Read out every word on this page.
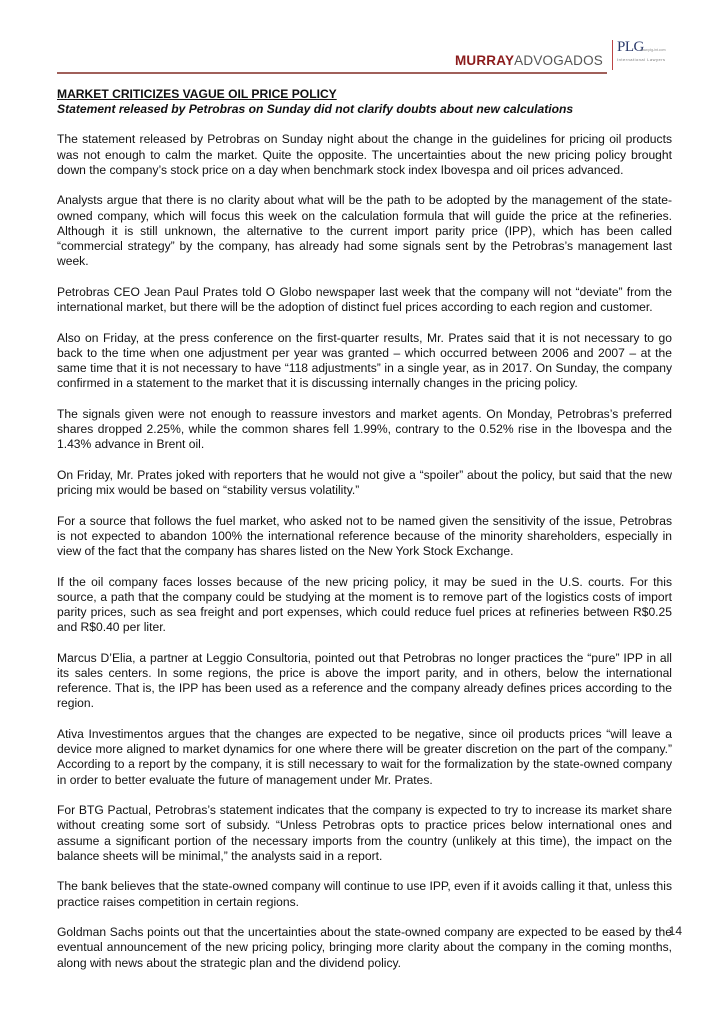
MURRAYADVOGADOS
PLG
www.plg-int.com
International Lawyers

MARKET CRITICIZES VAGUE OIL PRICE POLICY

Statement released by Petrobras on Sunday did not clarify doubts about new calculations

The statement released by Petrobras on Sunday night about the change in the guidelines for pricing oil products was not enough to calm the market. Quite the opposite. The uncertainties about the new pricing policy brought down the company’s stock price on a day when benchmark stock index Ibovespa and oil prices advanced.

Analysts argue that there is no clarity about what will be the path to be adopted by the management of the state-owned company, which will focus this week on the calculation formula that will guide the price at the refineries. Although it is still unknown, the alternative to the current import parity price (IPP), which has been called “commercial strategy” by the company, has already had some signals sent by the Petrobras’s management last week.

Petrobras CEO Jean Paul Prates told O Globo newspaper last week that the company will not “deviate” from the international market, but there will be the adoption of distinct fuel prices according to each region and customer.

Also on Friday, at the press conference on the first-quarter results, Mr. Prates said that it is not necessary to go back to the time when one adjustment per year was granted – which occurred between 2006 and 2007 – at the same time that it is not necessary to have “118 adjustments” in a single year, as in 2017. On Sunday, the company confirmed in a statement to the market that it is discussing internally changes in the pricing policy.

The signals given were not enough to reassure investors and market agents. On Monday, Petrobras’s preferred shares dropped 2.25%, while the common shares fell 1.99%, contrary to the 0.52% rise in the Ibovespa and the 1.43% advance in Brent oil.

On Friday, Mr. Prates joked with reporters that he would not give a “spoiler” about the policy, but said that the new pricing mix would be based on “stability versus volatility.”

For a source that follows the fuel market, who asked not to be named given the sensitivity of the issue, Petrobras is not expected to abandon 100% the international reference because of the minority shareholders, especially in view of the fact that the company has shares listed on the New York Stock Exchange.

If the oil company faces losses because of the new pricing policy, it may be sued in the U.S. courts. For this source, a path that the company could be studying at the moment is to remove part of the logistics costs of import parity prices, such as sea freight and port expenses, which could reduce fuel prices at refineries between R$0.25 and R$0.40 per liter.

Marcus D’Elia, a partner at Leggio Consultoria, pointed out that Petrobras no longer practices the “pure” IPP in all its sales centers. In some regions, the price is above the import parity, and in others, below the international reference. That is, the IPP has been used as a reference and the company already defines prices according to the region.

Ativa Investimentos argues that the changes are expected to be negative, since oil products prices “will leave a device more aligned to market dynamics for one where there will be greater discretion on the part of the company.” According to a report by the company, it is still necessary to wait for the formalization by the state-owned company in order to better evaluate the future of management under Mr. Prates.

For BTG Pactual, Petrobras’s statement indicates that the company is expected to try to increase its market share without creating some sort of subsidy. “Unless Petrobras opts to practice prices below international ones and assume a significant portion of the necessary imports from the country (unlikely at this time), the impact on the balance sheets will be minimal,” the analysts said in a report.

The bank believes that the state-owned company will continue to use IPP, even if it avoids calling it that, unless this practice raises competition in certain regions.

Goldman Sachs points out that the uncertainties about the state-owned company are expected to be eased by the eventual announcement of the new pricing policy, bringing more clarity about the company in the coming months, along with news about the strategic plan and the dividend policy.

14
